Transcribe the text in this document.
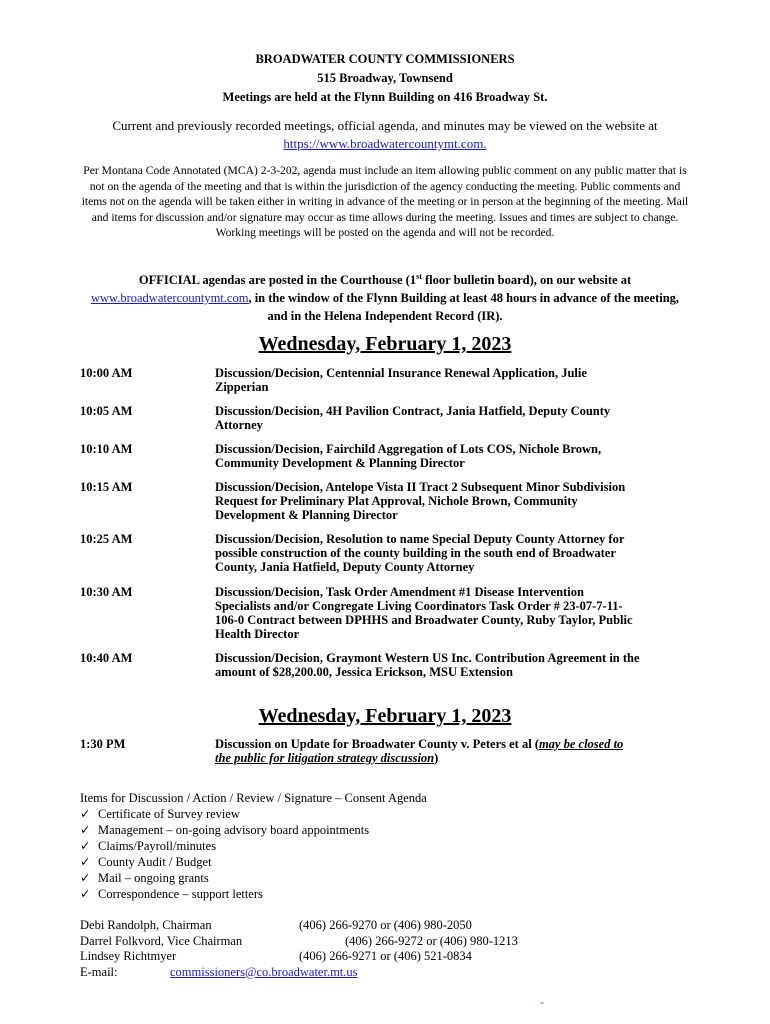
BROADWATER COUNTY COMMISSIONERS
515 Broadway, Townsend
Meetings are held at the Flynn Building on 416 Broadway St.
Current and previously recorded meetings, official agenda, and minutes may be viewed on the website at
https://www.broadwatercountymt.com.
Per Montana Code Annotated (MCA) 2-3-202, agenda must include an item allowing public comment on any public matter that is not on the agenda of the meeting and that is within the jurisdiction of the agency conducting the meeting. Public comments and items not on the agenda will be taken either in writing in advance of the meeting or in person at the beginning of the meeting. Mail and items for discussion and/or signature may occur as time allows during the meeting. Issues and times are subject to change. Working meetings will be posted on the agenda and will not be recorded.
OFFICIAL agendas are posted in the Courthouse (1st floor bulletin board), on our website at www.broadwatercountymt.com, in the window of the Flynn Building at least 48 hours in advance of the meeting, and in the Helena Independent Record (IR).
Wednesday, February 1, 2023
10:00 AM	Discussion/Decision, Centennial Insurance Renewal Application, Julie Zipperian
10:05 AM	Discussion/Decision, 4H Pavilion Contract, Jania Hatfield, Deputy County Attorney
10:10 AM	Discussion/Decision, Fairchild Aggregation of Lots COS, Nichole Brown, Community Development & Planning Director
10:15 AM	Discussion/Decision, Antelope Vista II Tract 2 Subsequent Minor Subdivision Request for Preliminary Plat Approval, Nichole Brown, Community Development & Planning Director
10:25 AM	Discussion/Decision, Resolution to name Special Deputy County Attorney for possible construction of the county building in the south end of Broadwater County, Jania Hatfield, Deputy County Attorney
10:30 AM	Discussion/Decision, Task Order Amendment #1 Disease Intervention Specialists and/or Congregate Living Coordinators Task Order # 23-07-7-11-106-0 Contract between DPHHS and Broadwater County, Ruby Taylor, Public Health Director
10:40 AM	Discussion/Decision, Graymont Western US Inc. Contribution Agreement in the amount of $28,200.00, Jessica Erickson, MSU Extension
Wednesday, February 1, 2023
1:30 PM	Discussion on Update for Broadwater County v. Peters et al (may be closed to the public for litigation strategy discussion)
Items for Discussion / Action / Review / Signature – Consent Agenda
✓ Certificate of Survey review
✓ Management – on-going advisory board appointments
✓ Claims/Payroll/minutes
✓ County Audit / Budget
✓ Mail – ongoing grants
✓ Correspondence – support letters
Debi Randolph, Chairman	(406) 266-9270 or (406) 980-2050
Darrel Folkvord, Vice Chairman	(406) 266-9272 or (406) 980-1213
Lindsey Richtmyer	(406) 266-9271 or (406) 521-0834
E-mail:	commissioners@co.broadwater.mt.us
-
